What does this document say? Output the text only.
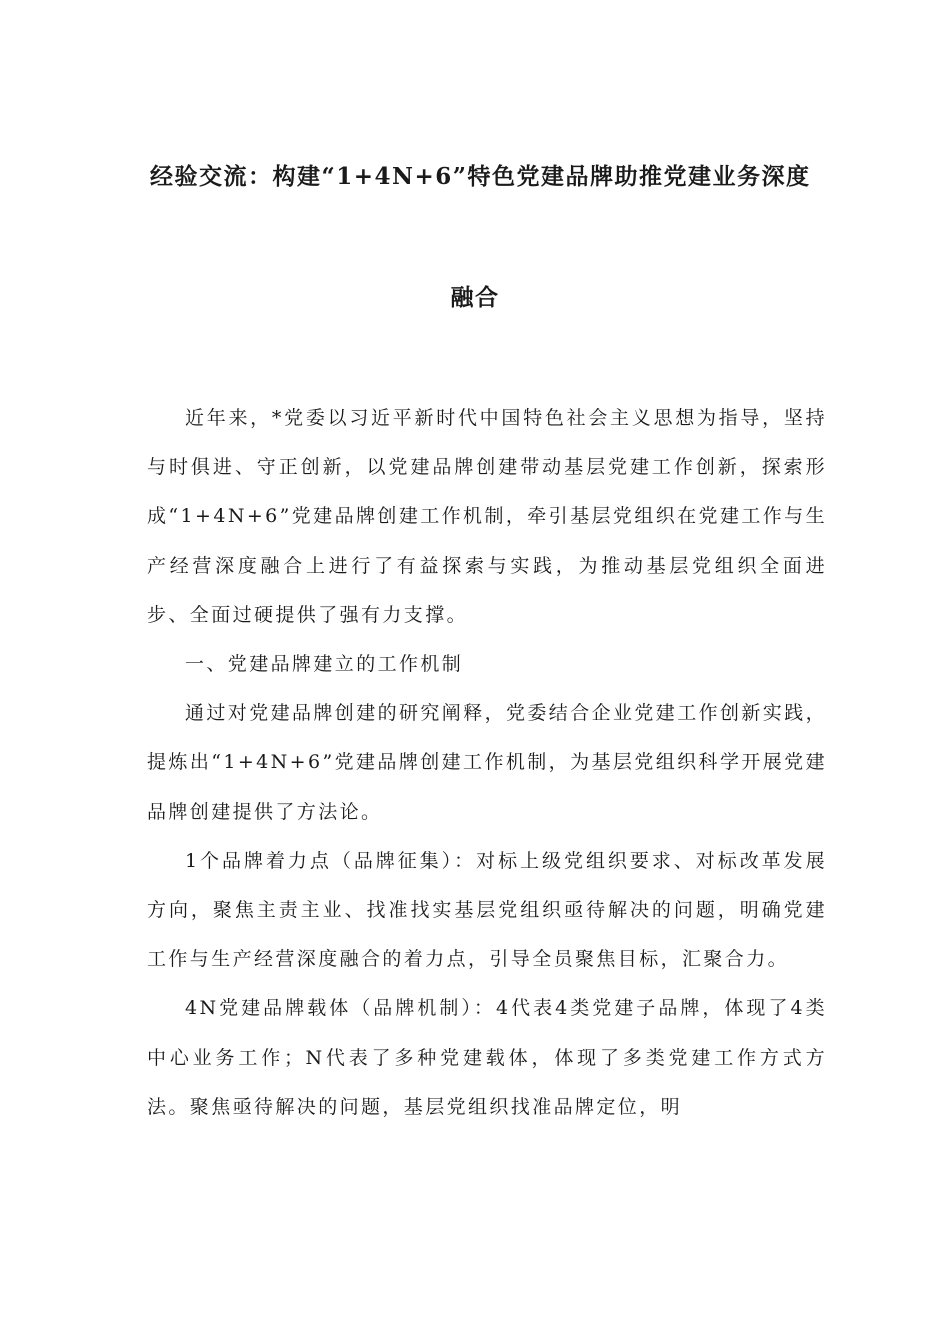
经验交流：构建“1+4N+6”特色党建品牌助推党建业务深度
融合

近年来，*党委以习近平新时代中国特色社会主义思想为指导，坚持与时俱进、守正创新，以党建品牌创建带动基层党建工作创新，探索形成“1+4N+6”党建品牌创建工作机制，牵引基层党组织在党建工作与生产经营深度融合上进行了有益探索与实践，为推动基层党组织全面进步、全面过硬提供了强有力支撑。

一、党建品牌建立的工作机制

通过对党建品牌创建的研究阐释，党委结合企业党建工作创新实践，提炼出“1+4N+6”党建品牌创建工作机制，为基层党组织科学开展党建品牌创建提供了方法论。

1个品牌着力点（品牌征集）：对标上级党组织要求、对标改革发展方向，聚焦主责主业、找准找实基层党组织亟待解决的问题，明确党建工作与生产经营深度融合的着力点，引导全员聚焦目标，汇聚合力。

4N党建品牌载体（品牌机制）：4代表4类党建子品牌，体现了4类中心业务工作；N代表了多种党建载体，体现了多类党建工作方式方法。聚焦亟待解决的问题，基层党组织找准品牌定位，明
